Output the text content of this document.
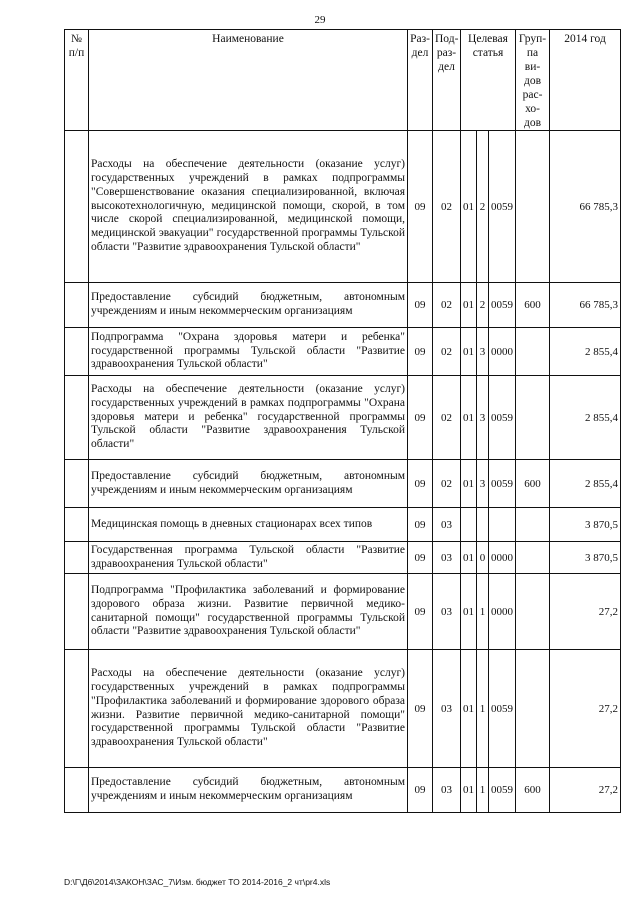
29
№ п/п	Наименование	Раз-дел	Под-раз-дел	Целевая статья			Груп-па ви-дов рас-хо-дов	2014 год
	Расходы на обеспечение деятельности (оказание услуг) государственных учреждений в рамках подпрограммы "Совершенствование оказания специализированной, включая высокотехнологичную, медицинской помощи, скорой, в том числе скорой специализированной, медицинской помощи, медицинской эвакуации" государственной программы Тульской области "Развитие здравоохранения Тульской области"	09	02	01	2	0059		66 785,3
	Предоставление субсидий бюджетным, автономным учреждениям и иным некоммерческим организациям	09	02	01	2	0059	600	66 785,3
	Подпрограмма "Охрана здоровья матери и ребенка" государственной программы Тульской области "Развитие здравоохранения Тульской области"	09	02	01	3	0000		2 855,4
	Расходы на обеспечение деятельности (оказание услуг) государственных учреждений в рамках подпрограммы "Охрана здоровья матери и ребенка" государственной программы Тульской области "Развитие здравоохранения Тульской области"	09	02	01	3	0059		2 855,4
	Предоставление субсидий бюджетным, автономным учреждениям и иным некоммерческим организациям	09	02	01	3	0059	600	2 855,4
	Медицинская помощь в дневных стационарах всех типов	09	03					3 870,5
	Государственная программа Тульской области "Развитие здравоохранения Тульской области"	09	03	01	0	0000		3 870,5
	Подпрограмма "Профилактика заболеваний и формирование здорового образа жизни. Развитие первичной медико-санитарной помощи" государственной программы Тульской области "Развитие здравоохранения Тульской области"	09	03	01	1	0000		27,2
	Расходы на обеспечение деятельности (оказание услуг) государственных учреждений в рамках подпрограммы "Профилактика заболеваний и формирование здорового образа жизни. Развитие первичной медико-санитарной помощи" государственной программы Тульской области "Развитие здравоохранения Тульской области"	09	03	01	1	0059		27,2
	Предоставление субсидий бюджетным, автономным учреждениям и иным некоммерческим организациям	09	03	01	1	0059	600	27,2
D:\Г\Д6\2014\ЗАКОН\ЗАС_7\Изм. бюджет ТО 2014-2016_2 чт\pr4.xls
